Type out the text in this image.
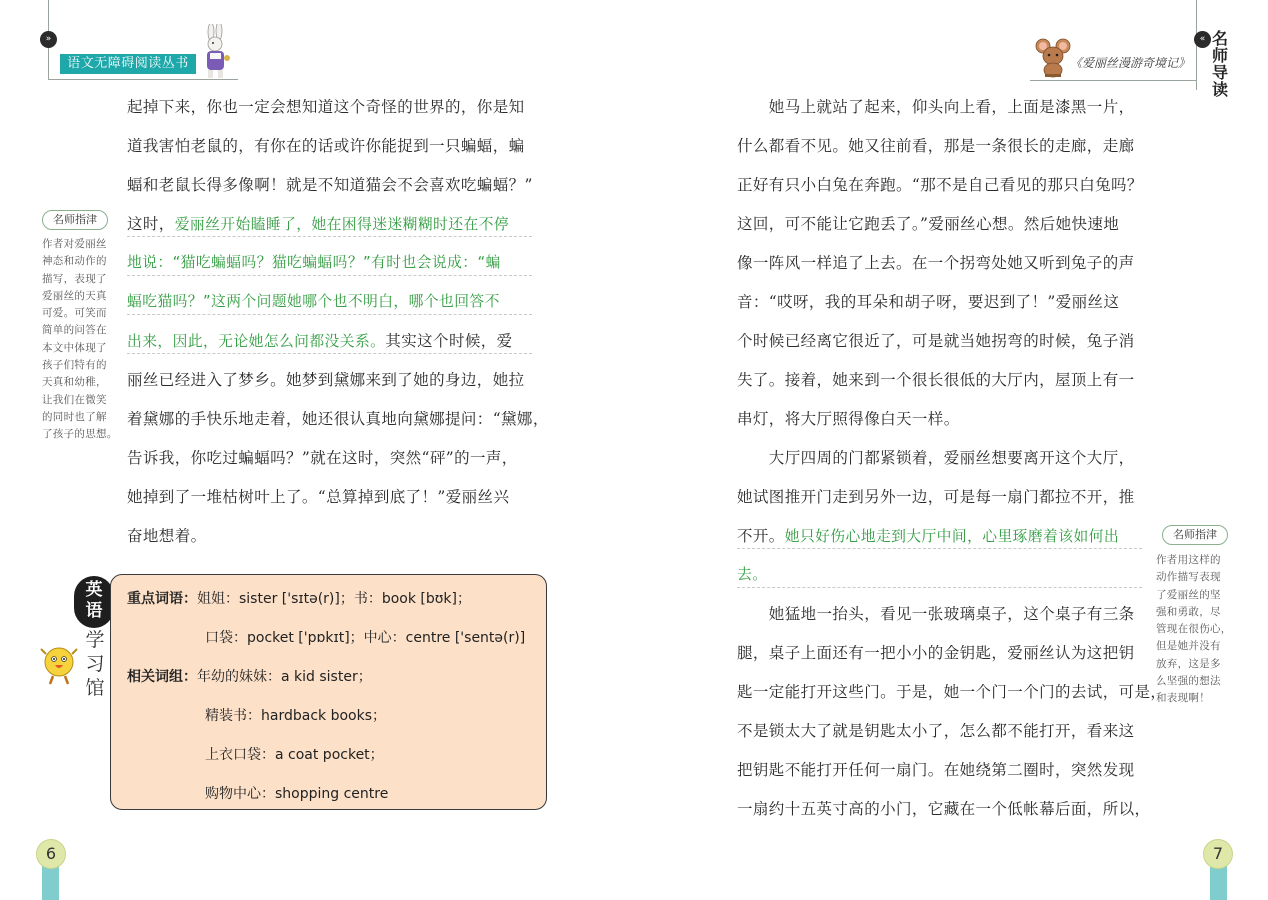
»
语文无障碍阅读丛书
« 名
师
导
读
《爱丽丝漫游奇境记》
起掉下来，你也一定会想知道这个奇怪的世界的，你是知
道我害怕老鼠的，有你在的话或许你能捉到一只蝙蝠，蝙
蝠和老鼠长得多像啊！就是不知道猫会不会喜欢吃蝙蝠？”
这时，爱丽丝开始瞌睡了，她在困得迷迷糊糊时还在不停
地说：“猫吃蝙蝠吗？猫吃蝙蝠吗？”有时也会说成：“蝙
蝠吃猫吗？”这两个问题她哪个也不明白，哪个也回答不
出来，因此，无论她怎么问都没关系。其实这个时候，爱
丽丝已经进入了梦乡。她梦到黛娜来到了她的身边，她拉
着黛娜的手快乐地走着，她还很认真地向黛娜提问：“黛娜，
告诉我，你吃过蝙蝠吗？”就在这时，突然“砰”的一声，
她掉到了一堆枯树叶上了。“总算掉到底了！”爱丽丝兴
奋地想着。
名师指津
作者对爱丽丝
神态和动作的
描写，表现了
爱丽丝的天真
可爱。可笑而
简单的问答在
本文中体现了
孩子们特有的
天真和幼稚，
让我们在微笑
的同时也了解
了孩子的思想。
英
语
学
习
馆
重点词语：姐姐：sister ['sɪtə(r)]；书：book [bʊk]；
口袋：pocket ['pɒkɪt]；中心：centre ['sentə(r)]
相关词组：年幼的妹妹：a kid sister；
精装书：hardback books；
上衣口袋：a coat pocket；
购物中心：shopping centre
6
　　她马上就站了起来，仰头向上看，上面是漆黑一片，
什么都看不见。她又往前看，那是一条很长的走廊，走廊
正好有只小白兔在奔跑。“那不是自己看见的那只白兔吗？
这回，可不能让它跑丢了。”爱丽丝心想。然后她快速地
像一阵风一样追了上去。在一个拐弯处她又听到兔子的声
音：“哎呀，我的耳朵和胡子呀，要迟到了！”爱丽丝这
个时候已经离它很近了，可是就当她拐弯的时候，兔子消
失了。接着，她来到一个很长很低的大厅内，屋顶上有一
串灯，将大厅照得像白天一样。
　　大厅四周的门都紧锁着，爱丽丝想要离开这个大厅，
她试图推开门走到另外一边，可是每一扇门都拉不开，推
不开。她只好伤心地走到大厅中间，心里琢磨着该如何出
去。
　　她猛地一抬头，看见一张玻璃桌子，这个桌子有三条
腿，桌子上面还有一把小小的金钥匙，爱丽丝认为这把钥
匙一定能打开这些门。于是，她一个门一个门的去试，可是，
不是锁太大了就是钥匙太小了，怎么都不能打开，看来这
把钥匙不能打开任何一扇门。在她绕第二圈时，突然发现
一扇约十五英寸高的小门，它藏在一个低帐幕后面，所以，
名师指津
作者用这样的
动作描写表现
了爱丽丝的坚
强和勇敢，尽
管现在很伤心，
但是她并没有
放弃，这是多
么坚强的想法
和表现啊！
7
